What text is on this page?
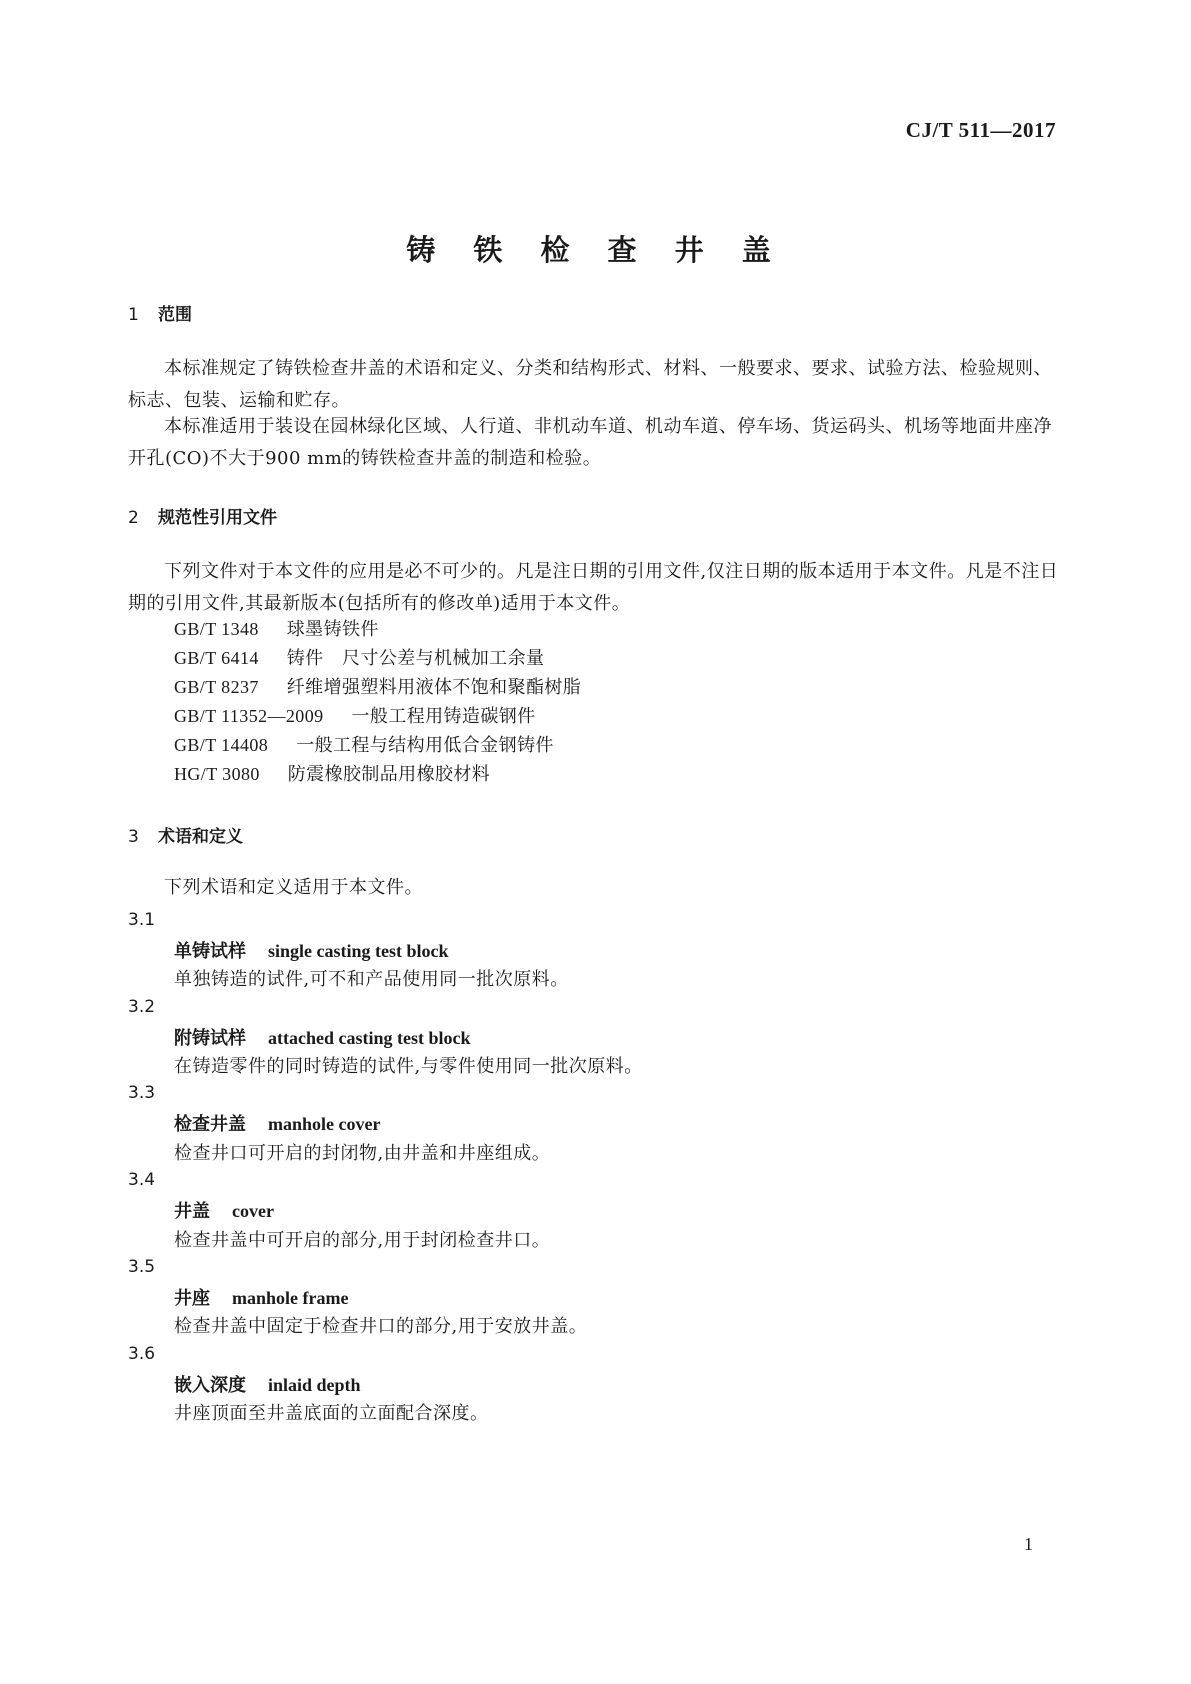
CJ/T 511—2017
铸 铁 检 查 井 盖
1 范围
本标准规定了铸铁检查井盖的术语和定义、分类和结构形式、材料、一般要求、要求、试验方法、检验规则、标志、包装、运输和贮存。
本标准适用于装设在园林绿化区域、人行道、非机动车道、机动车道、停车场、货运码头、机场等地面井座净开孔(CO)不大于900 mm的铸铁检查井盖的制造和检验。
2 规范性引用文件
下列文件对于本文件的应用是必不可少的。凡是注日期的引用文件,仅注日期的版本适用于本文件。凡是不注日期的引用文件,其最新版本(包括所有的修改单)适用于本文件。
GB/T 1348 球墨铸铁件
GB/T 6414 铸件　尺寸公差与机械加工余量
GB/T 8237 纤维增强塑料用液体不饱和聚酯树脂
GB/T 11352—2009 一般工程用铸造碳钢件
GB/T 14408 一般工程与结构用低合金钢铸件
HG/T 3080 防震橡胶制品用橡胶材料
3 术语和定义
下列术语和定义适用于本文件。
3.1
单铸试样 single casting test block
单独铸造的试件,可不和产品使用同一批次原料。
3.2
附铸试样 attached casting test block
在铸造零件的同时铸造的试件,与零件使用同一批次原料。
3.3
检查井盖 manhole cover
检查井口可开启的封闭物,由井盖和井座组成。
3.4
井盖 cover
检查井盖中可开启的部分,用于封闭检查井口。
3.5
井座 manhole frame
检查井盖中固定于检查井口的部分,用于安放井盖。
3.6
嵌入深度 inlaid depth
井座顶面至井盖底面的立面配合深度。
1
